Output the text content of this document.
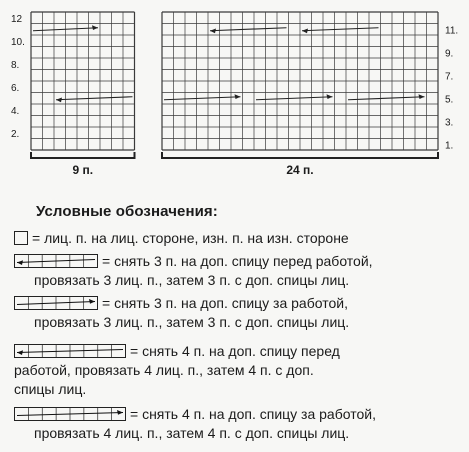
2.
4.
6.
8.
10.
12
9 п.
1.
3.
5.
7.
9.
11.
24 п.
Условные обозначения:
= лиц. п. на лиц. стороне, изн. п. на изн. стороне
= снять 3 п. на доп. спицу перед работой,
провязать 3 лиц. п., затем 3 п. с доп. спицы лиц.
= снять 3 п. на доп. спицу за работой,
провязать 3 лиц. п., затем 3 п. с доп. спицы лиц.
= снять 4 п. на доп. спицу перед
работой, провязать 4 лиц. п., затем 4 п. с доп.
спицы лиц.
= снять 4 п. на доп. спицу за работой,
провязать 4 лиц. п., затем 4 п. с доп. спицы лиц.
